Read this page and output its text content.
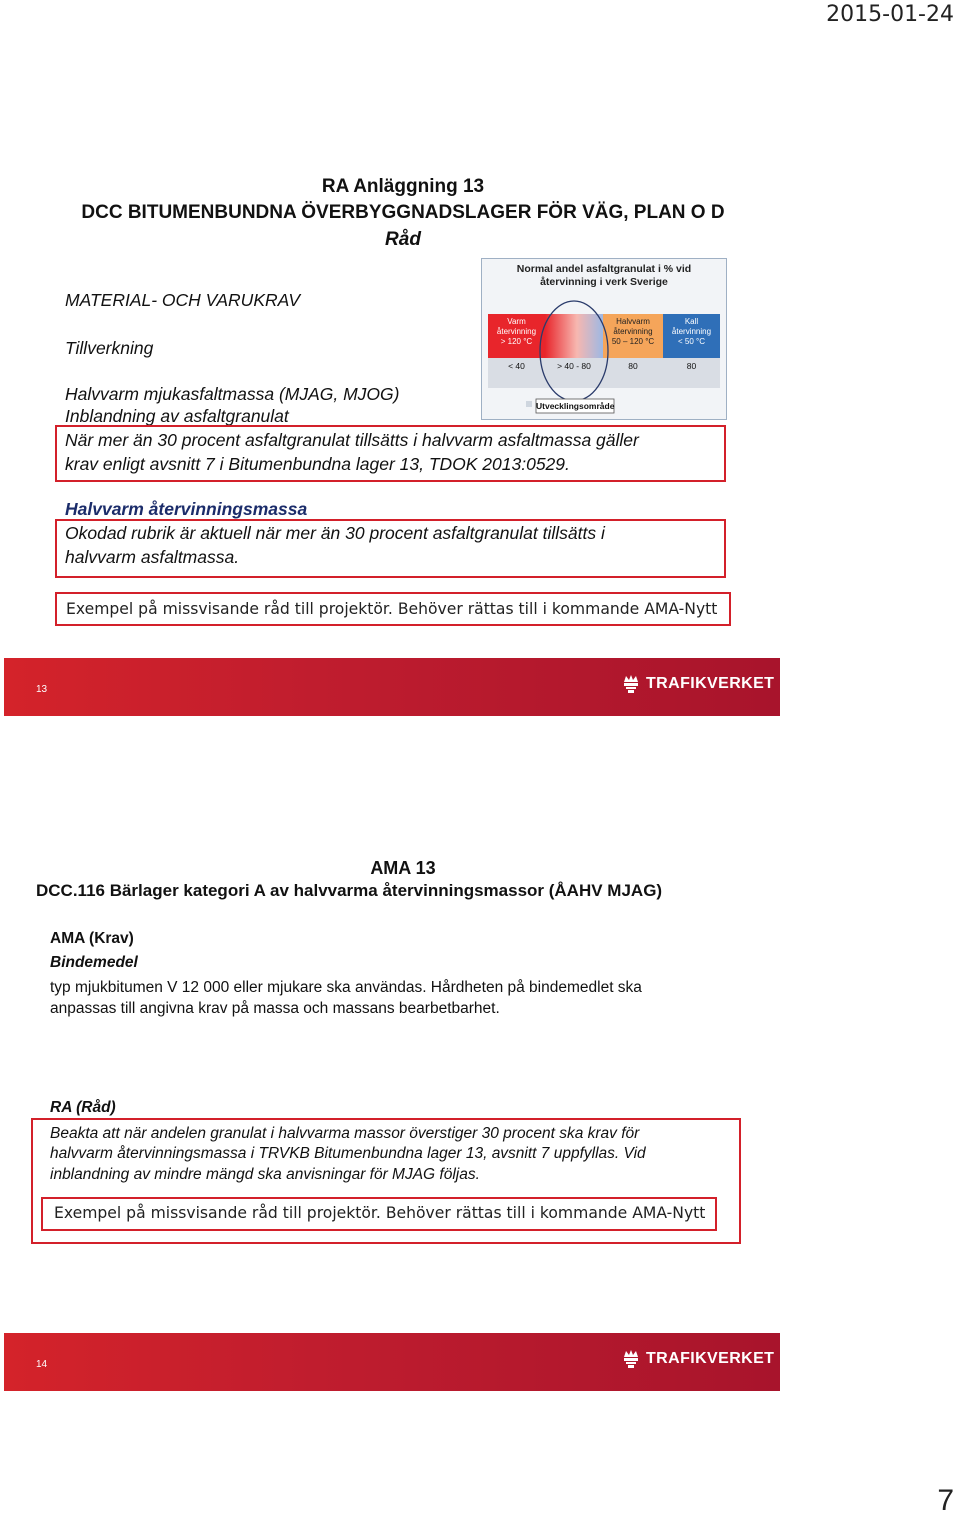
2015-01-24
RA Anläggning 13
DCC BITUMENBUNDNA ÖVERBYGGNADSLAGER FÖR VÄG, PLAN O D
Råd
MATERIAL- OCH VARUKRAV
Tillverkning
Halvvarm mjukasfaltmassa (MJAG, MJOG)
Inblandning av asfaltgranulat
När mer än 30 procent asfaltgranulat tillsätts i halvvarm asfaltmassa gäller
krav enligt avsnitt 7 i Bitumenbundna lager 13, TDOK 2013:0529.
Halvvarm återvinningsmassa
Okodad rubrik är aktuell när mer än 30 procent asfaltgranulat tillsätts i
halvvarm asfaltmassa.
Exempel på missvisande råd till projektör. Behöver rättas till i kommande AMA-Nytt
Normal andel asfaltgranulat i % vid
återvinning i verk Sverige
Varm
återvinning
> 120 °C
Halvvarm
återvinning
50 – 120 °C
Kall
återvinning
< 50 °C
< 40	> 40 - 80	80	80
Utvecklingsområde
13	TRAFIKVERKET
AMA 13
DCC.116 Bärlager kategori A av halvvarma återvinningsmassor (ÅAHV MJAG)
AMA (Krav)
Bindemedel
typ mjukbitumen V 12 000 eller mjukare ska användas. Hårdheten på bindemedlet ska
anpassas till angivna krav på massa och massans bearbetbarhet.
RA (Råd)
Beakta att när andelen granulat i halvvarma massor överstiger 30 procent ska krav för
halvvarm återvinningsmassa i TRVKB Bitumenbundna lager 13, avsnitt 7 uppfyllas. Vid
inblandning av mindre mängd ska anvisningar för MJAG följas.
Exempel på missvisande råd till projektör. Behöver rättas till i kommande AMA-Nytt
14	TRAFIKVERKET
7
